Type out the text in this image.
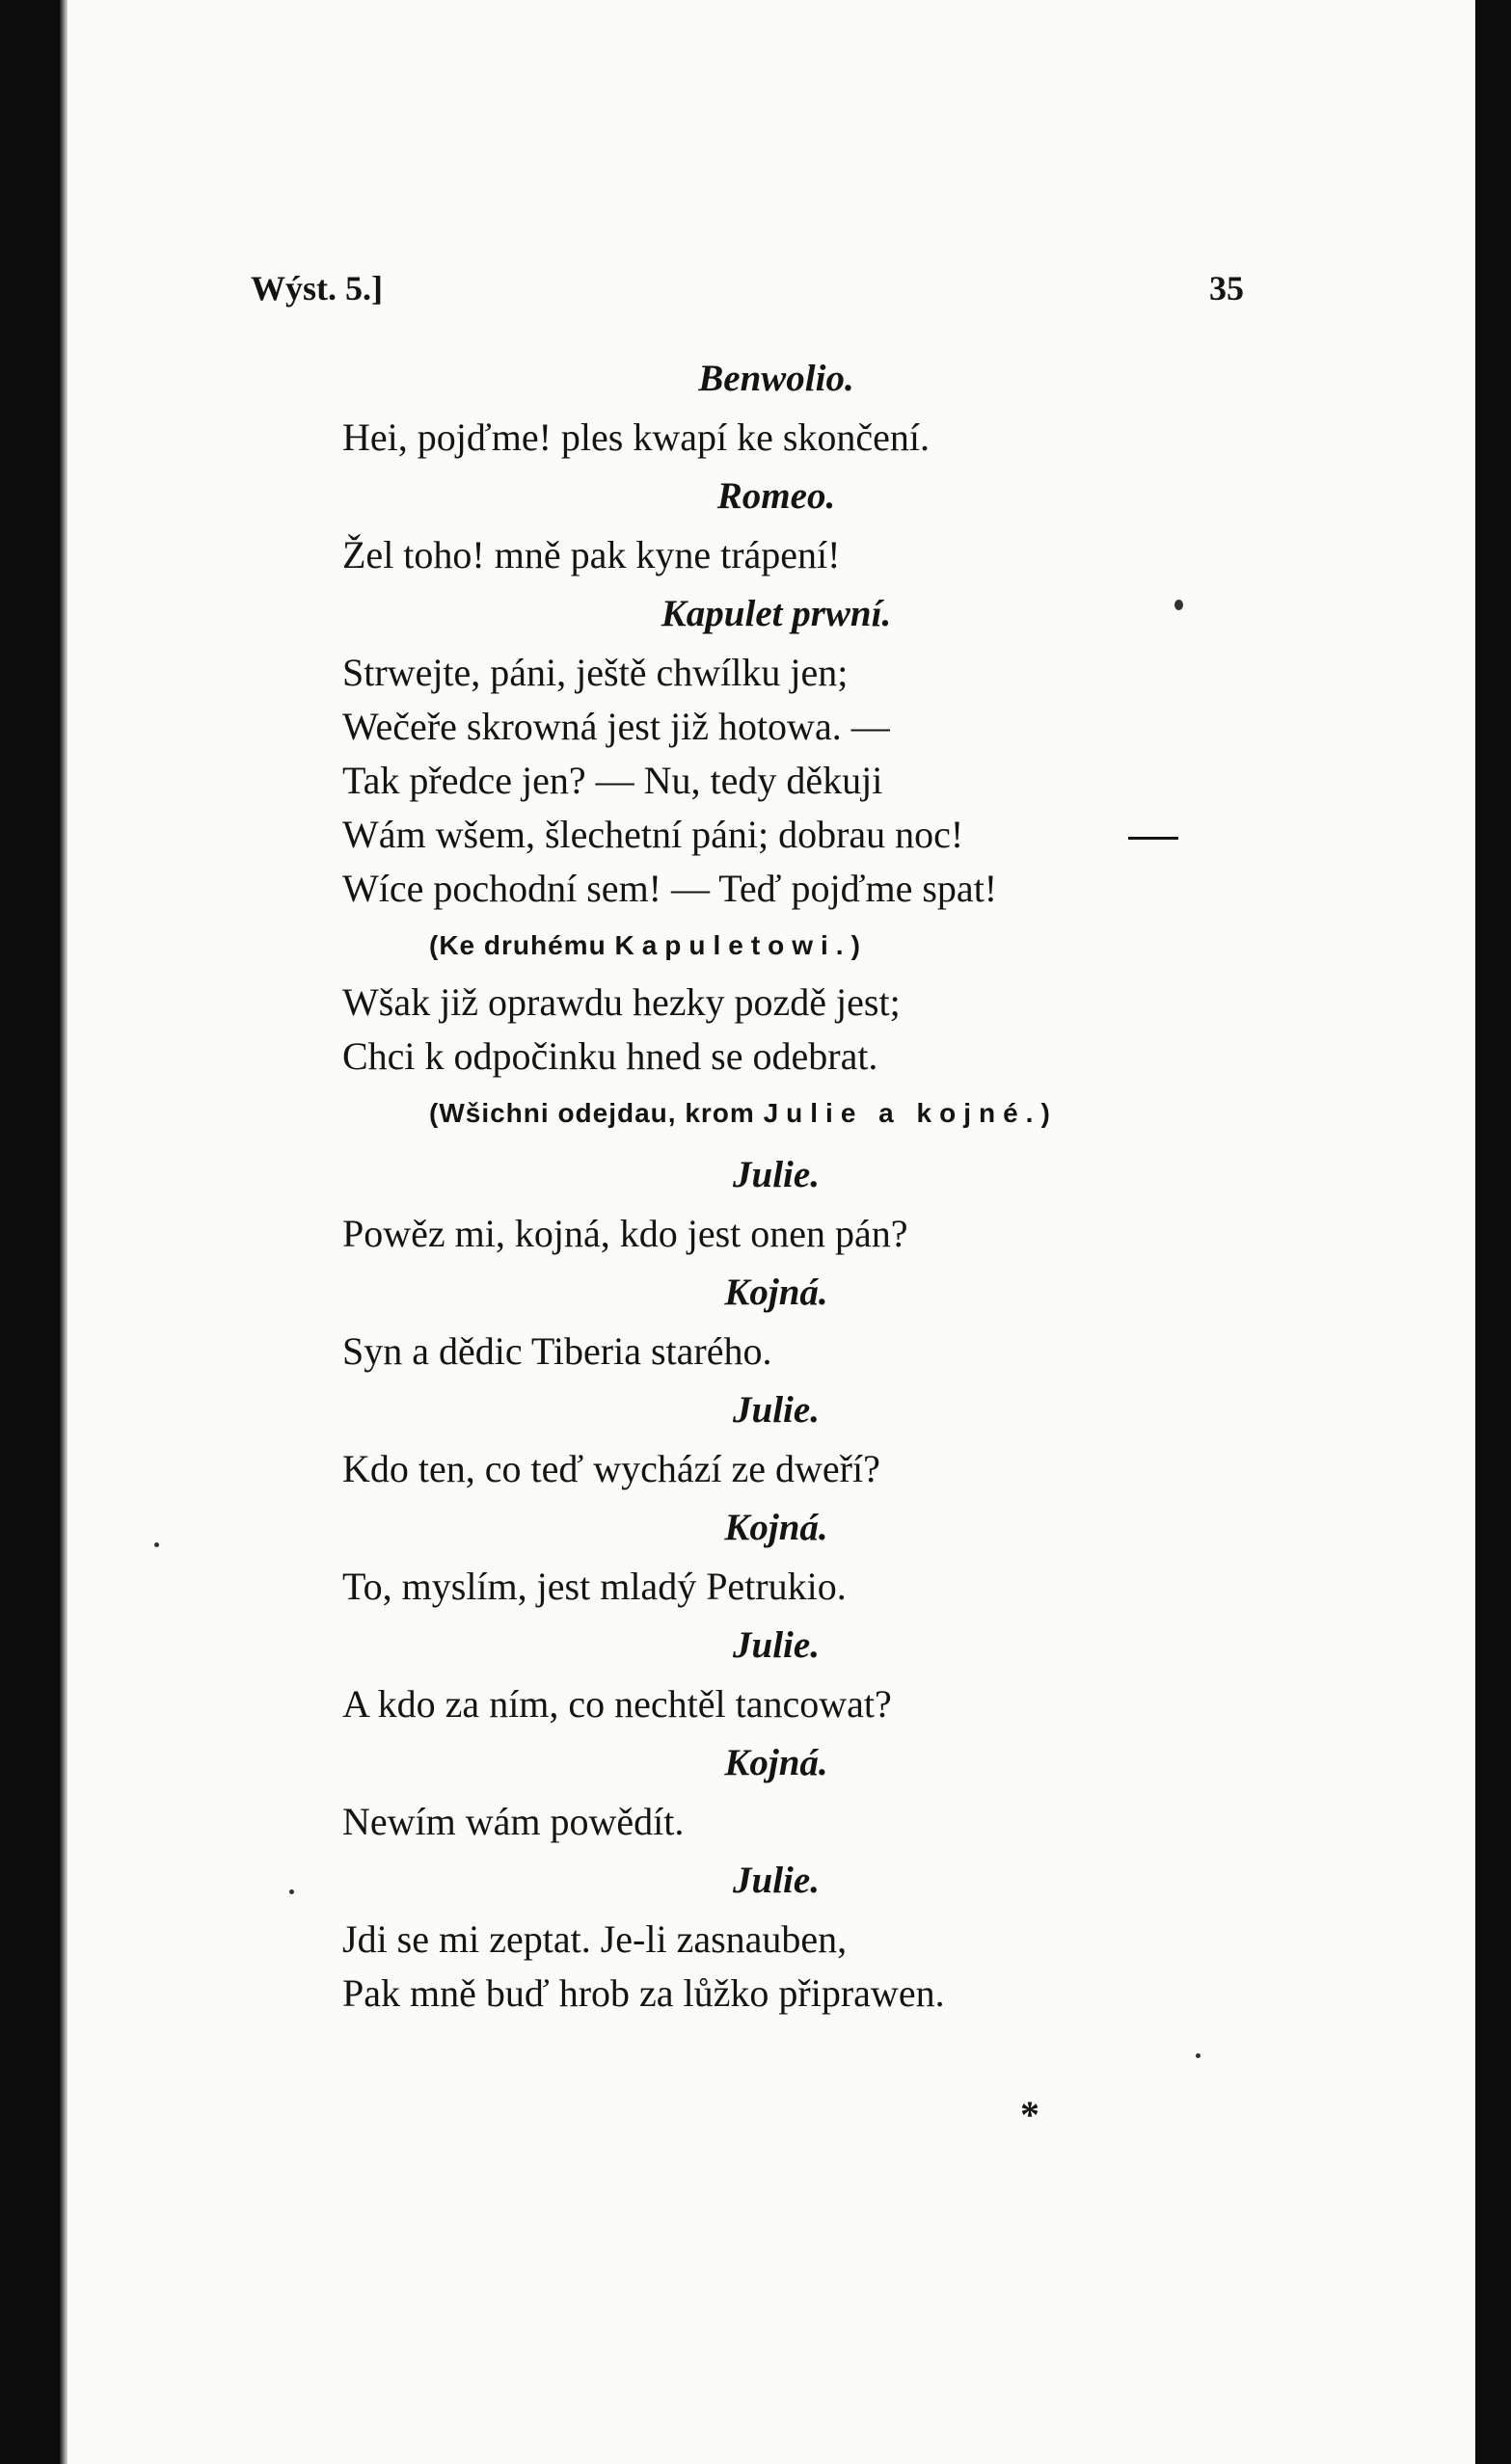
Wýst. 5.]	35
Benwolio.
Hei, pojďme! ples kwapí ke skončení.
Romeo.
Žel toho! mně pak kyne trápení!
Kapulet prwní.
Strwejte, páni, ještě chwílku jen;
Wečeře skrowná jest již hotowa. —
Tak předce jen? — Nu, tedy děkuji
Wám wšem, šlechetní páni; dobrau noc!
Wíce pochodní sem! — Teď pojďme spat!
(Ke druhému Kapuletowi.)
Wšak již oprawdu hezky pozdě jest;
Chci k odpočinku hned se odebrat.
(Wšichni odejdau, krom Julie a kojné.)
Julie.
Powěz mi, kojná, kdo jest onen pán?
Kojná.
Syn a dědic Tiberia starého.
Julie.
Kdo ten, co teď wychází ze dweří?
Kojná.
To, myslím, jest mladý Petrukio.
Julie.
A kdo za ním, co nechtěl tancowat?
Kojná.
Newím wám powědít.
Julie.
Jdi se mi zeptat. Je-li zasnauben,
Pak mně buď hrob za lůžko připrawen.
*
